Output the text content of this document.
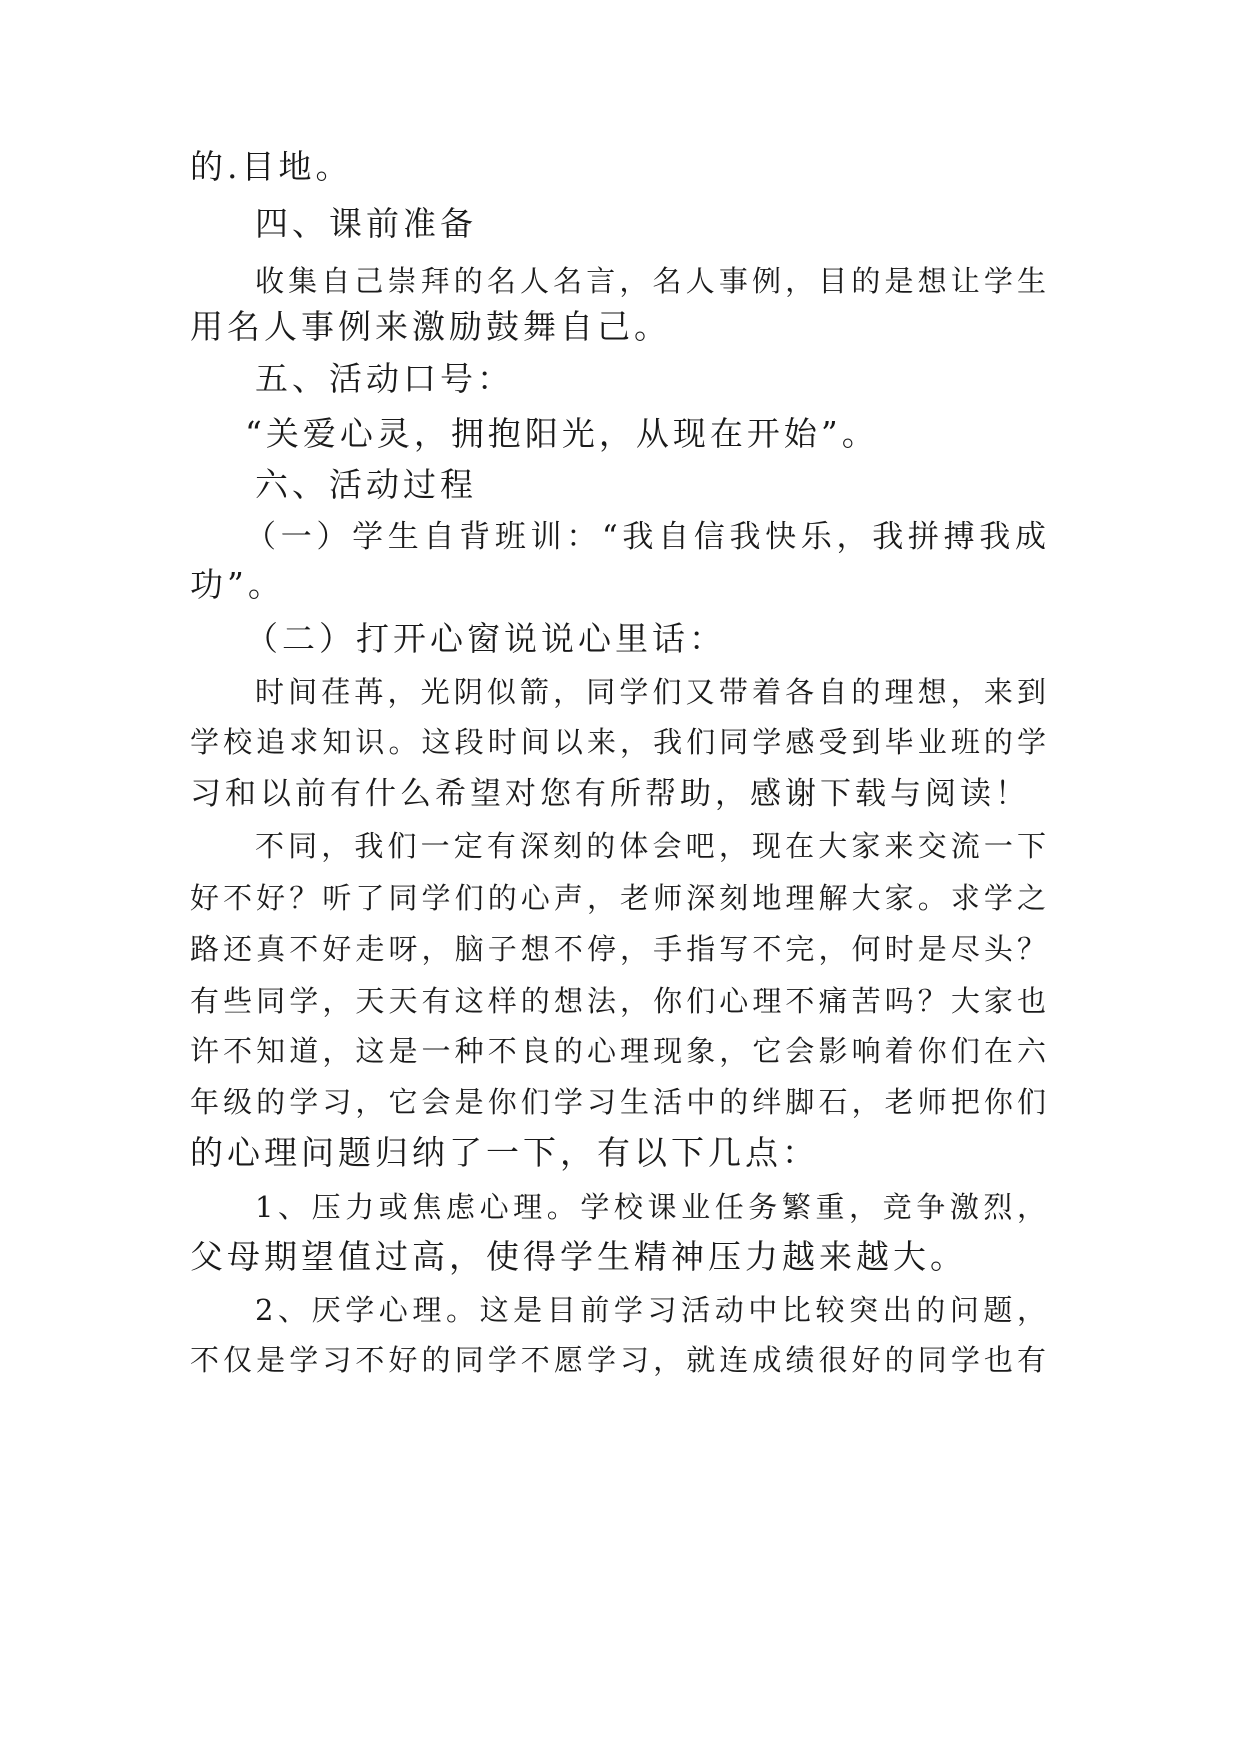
的.目地。
四、课前准备
收集自己崇拜的名人名言，名人事例，目的是想让学生
用名人事例来激励鼓舞自己。
五、活动口号：
“关爱心灵，拥抱阳光，从现在开始”。
六、活动过程
（一）学生自背班训：“我自信我快乐，我拼搏我成
功”。
（二）打开心窗说说心里话：
时间荏苒，光阴似箭，同学们又带着各自的理想，来到
学校追求知识。这段时间以来，我们同学感受到毕业班的学
习和以前有什么希望对您有所帮助，感谢下载与阅读！
不同，我们一定有深刻的体会吧，现在大家来交流一下
好不好？听了同学们的心声，老师深刻地理解大家。求学之
路还真不好走呀，脑子想不停，手指写不完，何时是尽头？
有些同学，天天有这样的想法，你们心理不痛苦吗？大家也
许不知道，这是一种不良的心理现象，它会影响着你们在六
年级的学习，它会是你们学习生活中的绊脚石，老师把你们
的心理问题归纳了一下，有以下几点：
1、压力或焦虑心理。学校课业任务繁重，竞争激烈，
父母期望值过高，使得学生精神压力越来越大。
2、厌学心理。这是目前学习活动中比较突出的问题，
不仅是学习不好的同学不愿学习，就连成绩很好的同学也有
